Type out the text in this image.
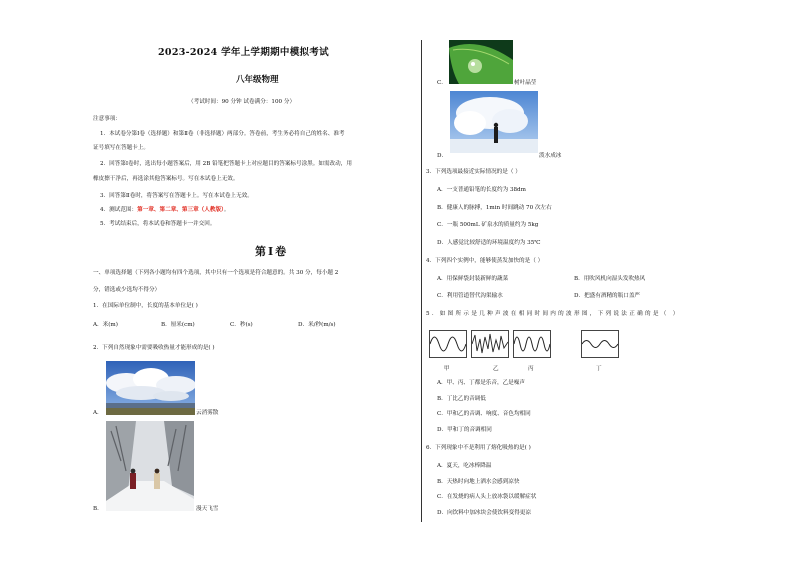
2023-2024 学年上学期期中模拟考试
八年级物理
（考试时间：90 分钟 试卷满分：100 分）
注意事项：
1．本试卷分第Ⅰ卷（选择题）和第Ⅱ卷（非选择题）两部分。答卷前，考生务必将自己的姓名、准考
证号填写在答题卡上。
2．回答第Ⅰ卷时，选出每小题答案后，用 2B 铅笔把答题卡上对应题目的答案标号涂黑。如需改动，用
橡皮擦干净后，再选涂其他答案标号。写在本试卷上无效。
3．回答第Ⅱ卷时，将答案写在答题卡上。写在本试卷上无效。
4．测试范围：第一章、第二章、第三章（人教版）。
5．考试结束后，将本试卷和答题卡一并交回。
第Ⅰ卷
一、单项选择题（下列各小题均有四个选项，其中只有一个选项是符合题意的。共 30 分，每小题 2
分，错选或少选均不得分）
1．在国际单位制中，长度的基本单位是( )
A．米(m)	B．厘米(cm)	C．秒(s)	D．米/秒(m/s)
2．下列自然现象中需要吸收热量才能形成的是( )
A．	云消雾散
B．	漫天飞雪
C．	树叶晶莹
D．	泼水成冰
3．下列选项最接近实际情况的是（ ）
A．一支普通铅笔的长度约为 38dm
B．健康人的脉搏，1min 时间跳动 70 次左右
C．一瓶 500mL 矿泉水的质量约为 5kg
D．人感觉比较舒适的环境温度约为 35℃
4．下列四个实例中，能够使蒸发加快的是（ ）
A．用保鲜袋封装新鲜的蔬菜	B．用吹风机向湿头发吹热风
C．利用管道替代沟渠输水	D．把盛有酒精的瓶口盖严
5．如图所示是几种声波在相同时间内的波形图，下列说法正确的是（ ）
甲	乙	丙	丁
A．甲、丙、丁都是乐音，乙是噪声
B．丁比乙的音调低
C．甲和乙的音调、响度、音色均相同
D．甲和丁的音调相同
6．下列现象中不是利用了熔化吸热的是( )
A．夏天，吃冰棒降温
B．天热时向地上洒水会感到凉快
C．在发烧的病人头上放冰袋以缓解症状
D．向饮料中加冰块会使饮料变得更凉
